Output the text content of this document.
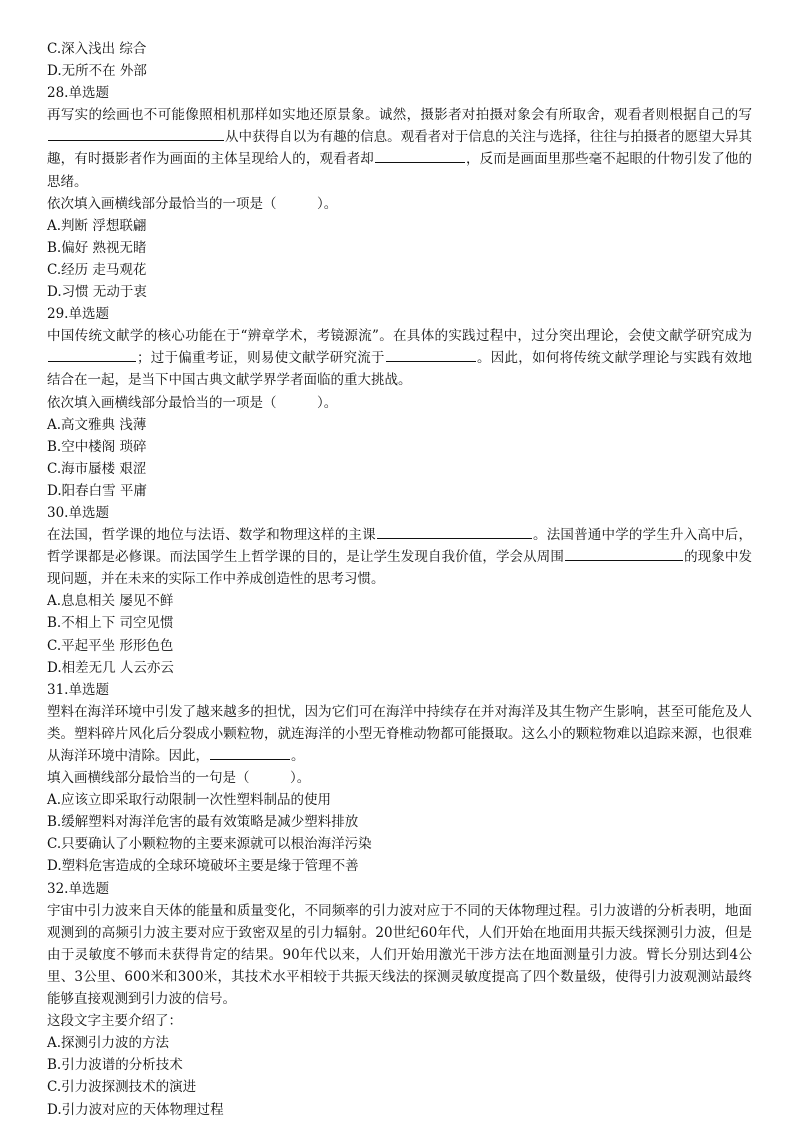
C.深入浅出 综合
D.无所不在 外部
28.单选题
再写实的绘画也不可能像照相机那样如实地还原景象。诚然，摄影者对拍摄对象会有所取舍，观看者则根据自己的写从中获得自以为有趣的信息。观看者对于信息的关注与选择，往往与拍摄者的愿望大异其趣，有时摄影者作为画面的主体呈现给人的，观看者却	，反而是画面里那些毫不起眼的什物引发了他的思绪。
依次填入画横线部分最恰当的一项是（　　　）。
A.判断 浮想联翩
B.偏好 熟视无睹
C.经历 走马观花
D.习惯 无动于衷
29.单选题
中国传统文献学的核心功能在于“辨章学术，考镜源流”。在具体的实践过程中，过分突出理论，会使文献学研究成为；过于偏重考证，则易使文献学研究流于	。因此，如何将传统文献学理论与实践有效地结合在一起，是当下中国古典文献学界学者面临的重大挑战。
依次填入画横线部分最恰当的一项是（　　　）。
A.高文雅典 浅薄
B.空中楼阁 琐碎
C.海市蜃楼 艰涩
D.阳春白雪 平庸
30.单选题
在法国，哲学课的地位与法语、数学和物理这样的主课	。法国普通中学的学生升入高中后，哲学课都是必修课。而法国学生上哲学课的目的，是让学生发现自我价值，学会从周围	的现象中发现问题，并在未来的实际工作中养成创造性的思考习惯。
A.息息相关 屡见不鲜
B.不相上下 司空见惯
C.平起平坐 形形色色
D.相差无几 人云亦云
31.单选题
塑料在海洋环境中引发了越来越多的担忧，因为它们可在海洋中持续存在并对海洋及其生物产生影响，甚至可能危及人类。塑料碎片风化后分裂成小颗粒物，就连海洋的小型无脊椎动物都可能摄取。这么小的颗粒物难以追踪来源，也很难从海洋环境中清除。因此，	。
填入画横线部分最恰当的一句是（　　　）。
A.应该立即采取行动限制一次性塑料制品的使用
B.缓解塑料对海洋危害的最有效策略是减少塑料排放
C.只要确认了小颗粒物的主要来源就可以根治海洋污染
D.塑料危害造成的全球环境破坏主要是缘于管理不善
32.单选题
宇宙中引力波来自天体的能量和质量变化，不同频率的引力波对应于不同的天体物理过程。引力波谱的分析表明，地面观测到的高频引力波主要对应于致密双星的引力辐射。20世纪60年代，人们开始在地面用共振天线探测引力波，但是由于灵敏度不够而未获得肯定的结果。90年代以来，人们开始用激光干涉方法在地面测量引力波。臂长分别达到4公里、3公里、600米和300米，其技术水平相较于共振天线法的探测灵敏度提高了四个数量级，使得引力波观测站最终能够直接观测到引力波的信号。
这段文字主要介绍了：
A.探测引力波的方法
B.引力波谱的分析技术
C.引力波探测技术的演进
D.引力波对应的天体物理过程
